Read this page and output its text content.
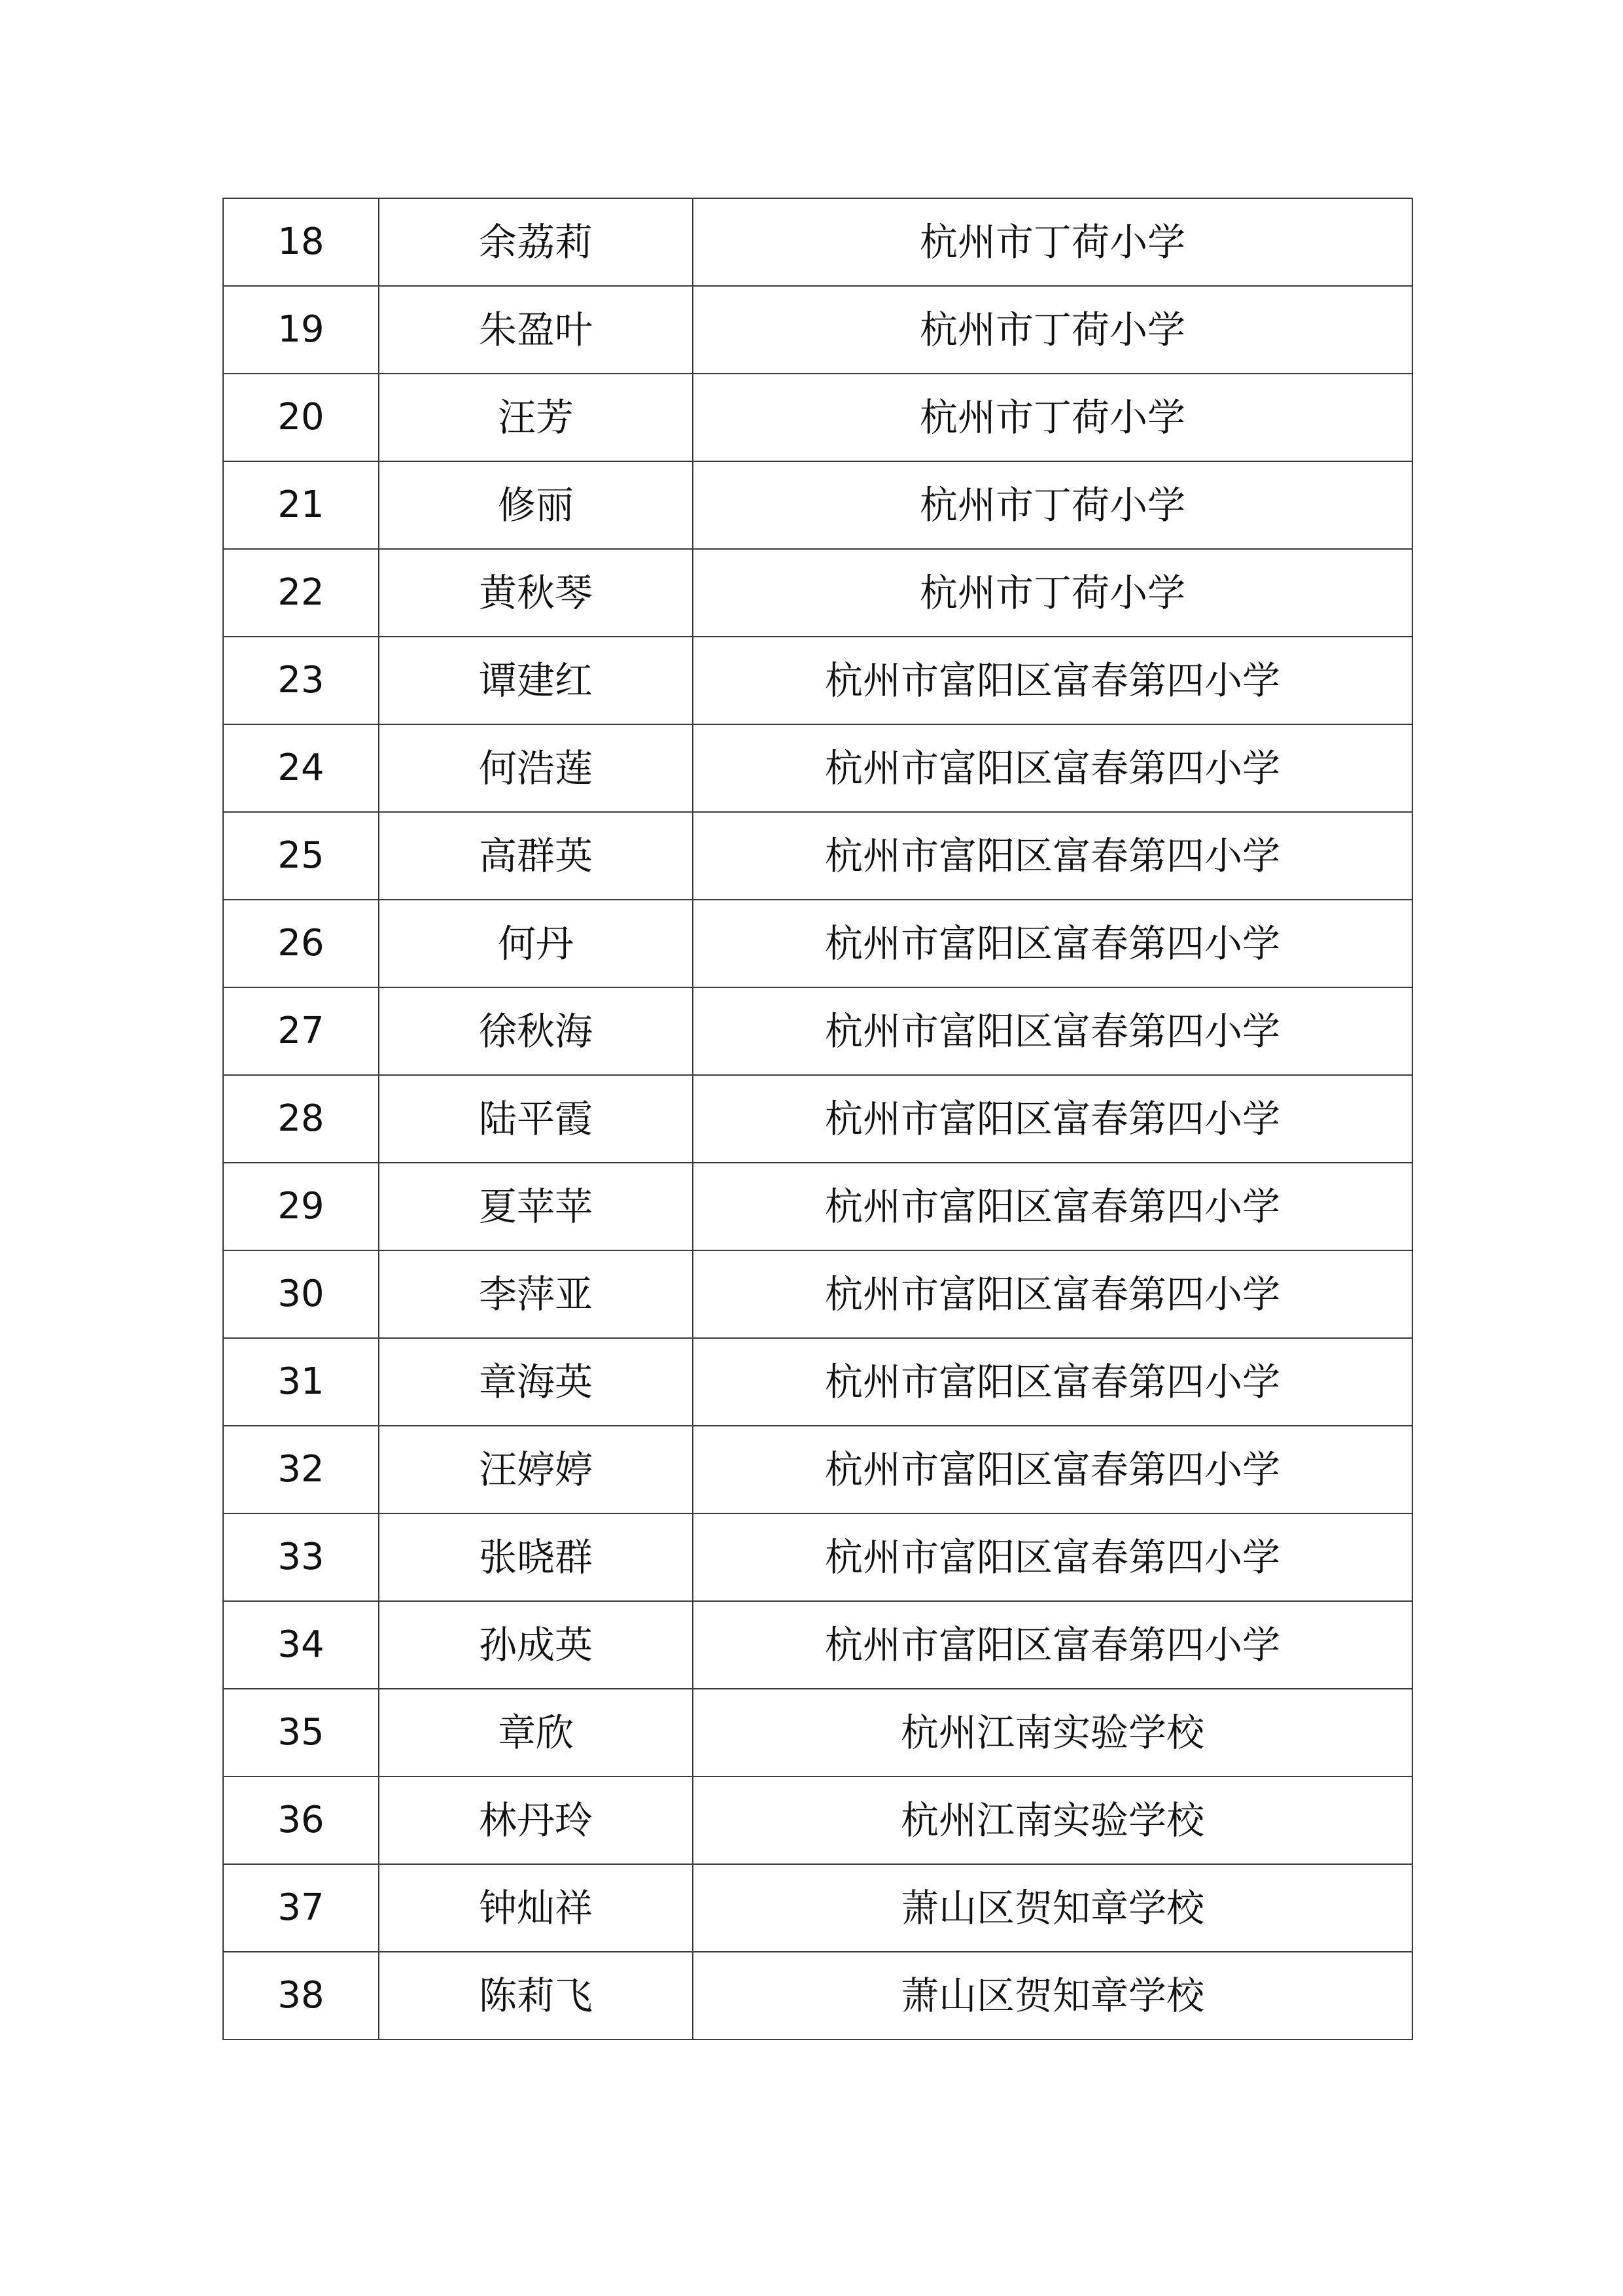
18	余荔莉	杭州市丁荷小学
19	朱盈叶	杭州市丁荷小学
20	汪芳	杭州市丁荷小学
21	修丽	杭州市丁荷小学
22	黄秋琴	杭州市丁荷小学
23	谭建红	杭州市富阳区富春第四小学
24	何浩莲	杭州市富阳区富春第四小学
25	高群英	杭州市富阳区富春第四小学
26	何丹	杭州市富阳区富春第四小学
27	徐秋海	杭州市富阳区富春第四小学
28	陆平霞	杭州市富阳区富春第四小学
29	夏苹苹	杭州市富阳区富春第四小学
30	李萍亚	杭州市富阳区富春第四小学
31	章海英	杭州市富阳区富春第四小学
32	汪婷婷	杭州市富阳区富春第四小学
33	张晓群	杭州市富阳区富春第四小学
34	孙成英	杭州市富阳区富春第四小学
35	章欣	杭州江南实验学校
36	林丹玲	杭州江南实验学校
37	钟灿祥	萧山区贺知章学校
38	陈莉飞	萧山区贺知章学校
